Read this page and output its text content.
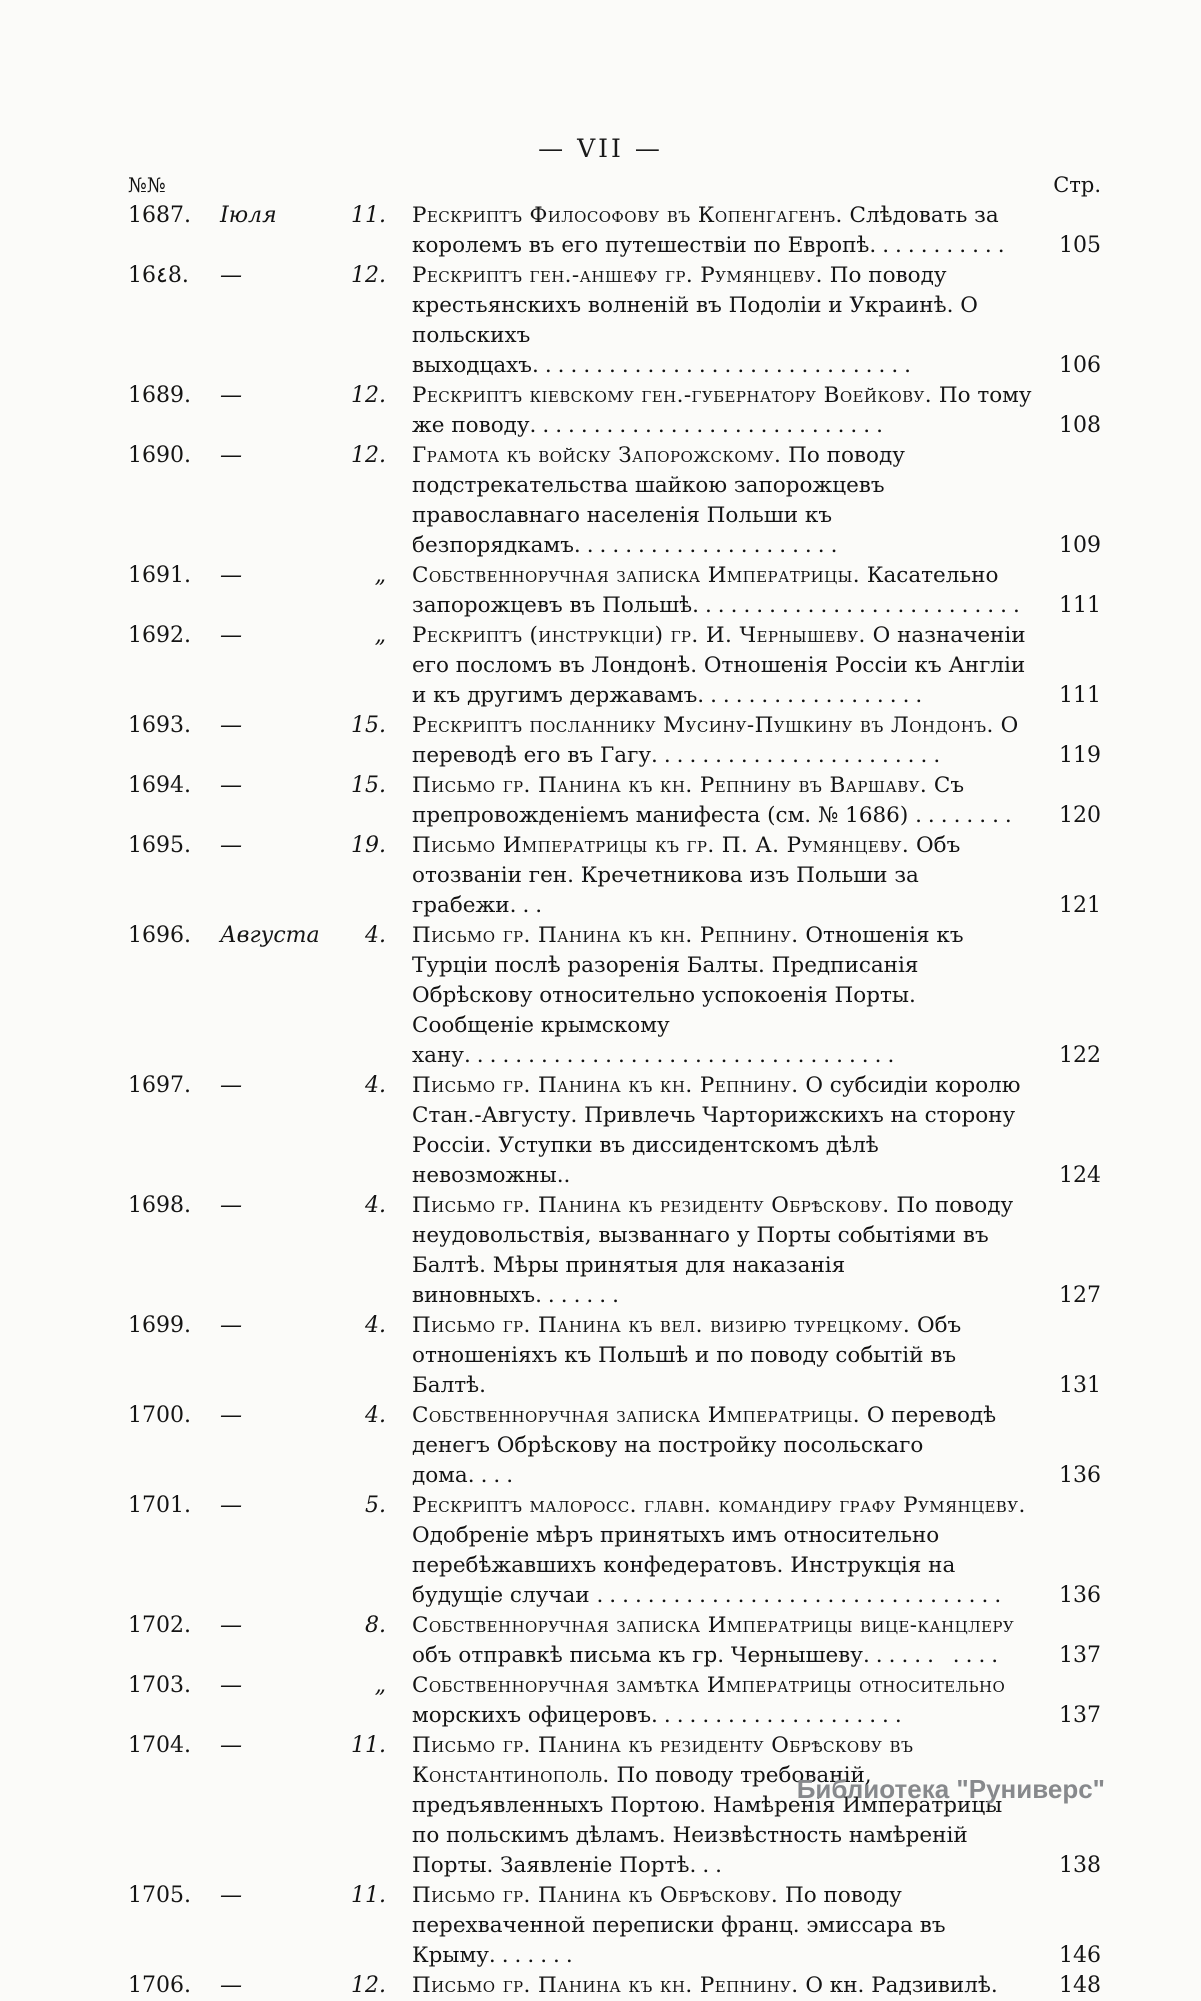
— VII —
№№	Стр.
1687.	Іюля	11.	Рескриптъ Философову въ Копенгагенъ. Слѣдовать за королемъ въ его путешествіи по Европѣ...........	105
16٤8.	—	12.	Рескриптъ ген.-аншефу гр. Румянцеву. По поводу крестьянскихъ волненій въ Подоліи и Украинѣ. О польскихъ выходцахъ..............................	106
1689.	—	12.	Рескриптъ кіевскому ген.-губернатору Воейкову. По тому же поводу............................	108
1690.	—	12.	Грамота къ войску Запорожскому. По поводу подстрекательства шайкою запорожцевъ православнаго населенія Польши къ безпорядкамъ.....................	109
1691.	—	„	Собственноручная записка Императрицы. Касательно запорожцевъ въ Польшѣ..........................	111
1692.	—	„	Рескриптъ (инструкціи) гр. И. Чернышеву. О назначеніи его посломъ въ Лондонѣ. Отношенія Россіи къ Англіи и къ другимъ державамъ..................	111
1693.	—	15.	Рескриптъ посланнику Мусину-Пушкину въ Лондонъ. О переводѣ его въ Гагу.......................	119
1694.	—	15.	Письмо гр. Панина къ кн. Репнину въ Варшаву. Съ препровожденіемъ манифеста (см. № 1686) ........	120
1695.	—	19.	Письмо Императрицы къ гр. П. А. Румянцеву. Объ отозваніи ген. Кречетникова изъ Польши за грабежи...	121
1696.	Августа	4.	Письмо гр. Панина къ кн. Репнину. Отношенія къ Турціи послѣ разоренія Балты. Предписанія Обрѣскову относительно успокоенія Порты. Сообщеніе крымскому хану..................................	122
1697.	—	4.	Письмо гр. Панина къ кн. Репнину. О субсидіи королю Стан.-Августу. Привлечь Чарторижскихъ на сторону Россіи. Уступки въ диссидентскомъ дѣлѣ невозможны..	124
1698.	—	4.	Письмо гр. Панина къ резиденту Обрѣскову. По поводу неудовольствія, вызваннаго у Порты событіями въ Балтѣ. Мѣры принятыя для наказанія виновныхъ.......	127
1699.	—	4.	Письмо гр. Панина къ вел. визирю турецкому. Объ отношеніяхъ къ Польшѣ и по поводу событій въ Балтѣ.	131
1700.	—	4.	Собственноручная записка Императрицы. О переводѣ денегъ Обрѣскову на постройку посольскаго дома....	136
1701.	—	5.	Рескриптъ малоросс. главн. командиру графу Румянцеву. Одобреніе мѣръ принятыхъ имъ относительно перебѣжавшихъ конфедератовъ. Инструкція на будущіе случаи ................................	136
1702.	—	8.	Собственноручная записка Императрицы вице-канцлеру объ отправкѣ письма къ гр. Чернышеву...... ....	137
1703.	—	„	Собственноручная замѣтка Императрицы относительно морскихъ офицеровъ....................	137
1704.	—	11.	Письмо гр. Панина къ резиденту Обрѣскову въ Константинополь. По поводу требованій, предъявленныхъ Портою. Намѣренія Императрицы по польскимъ дѣламъ. Неизвѣстность намѣреній Порты. Заявленіе Портѣ...	138
1705.	—	11.	Письмо гр. Панина къ Обрѣскову. По поводу перехваченной переписки франц. эмиссара въ Крыму.......	146
1706.	—	12.	Письмо гр. Панина къ кн. Репнину. О кн. Радзивилѣ.	148
Библиотека "Руниверс"
